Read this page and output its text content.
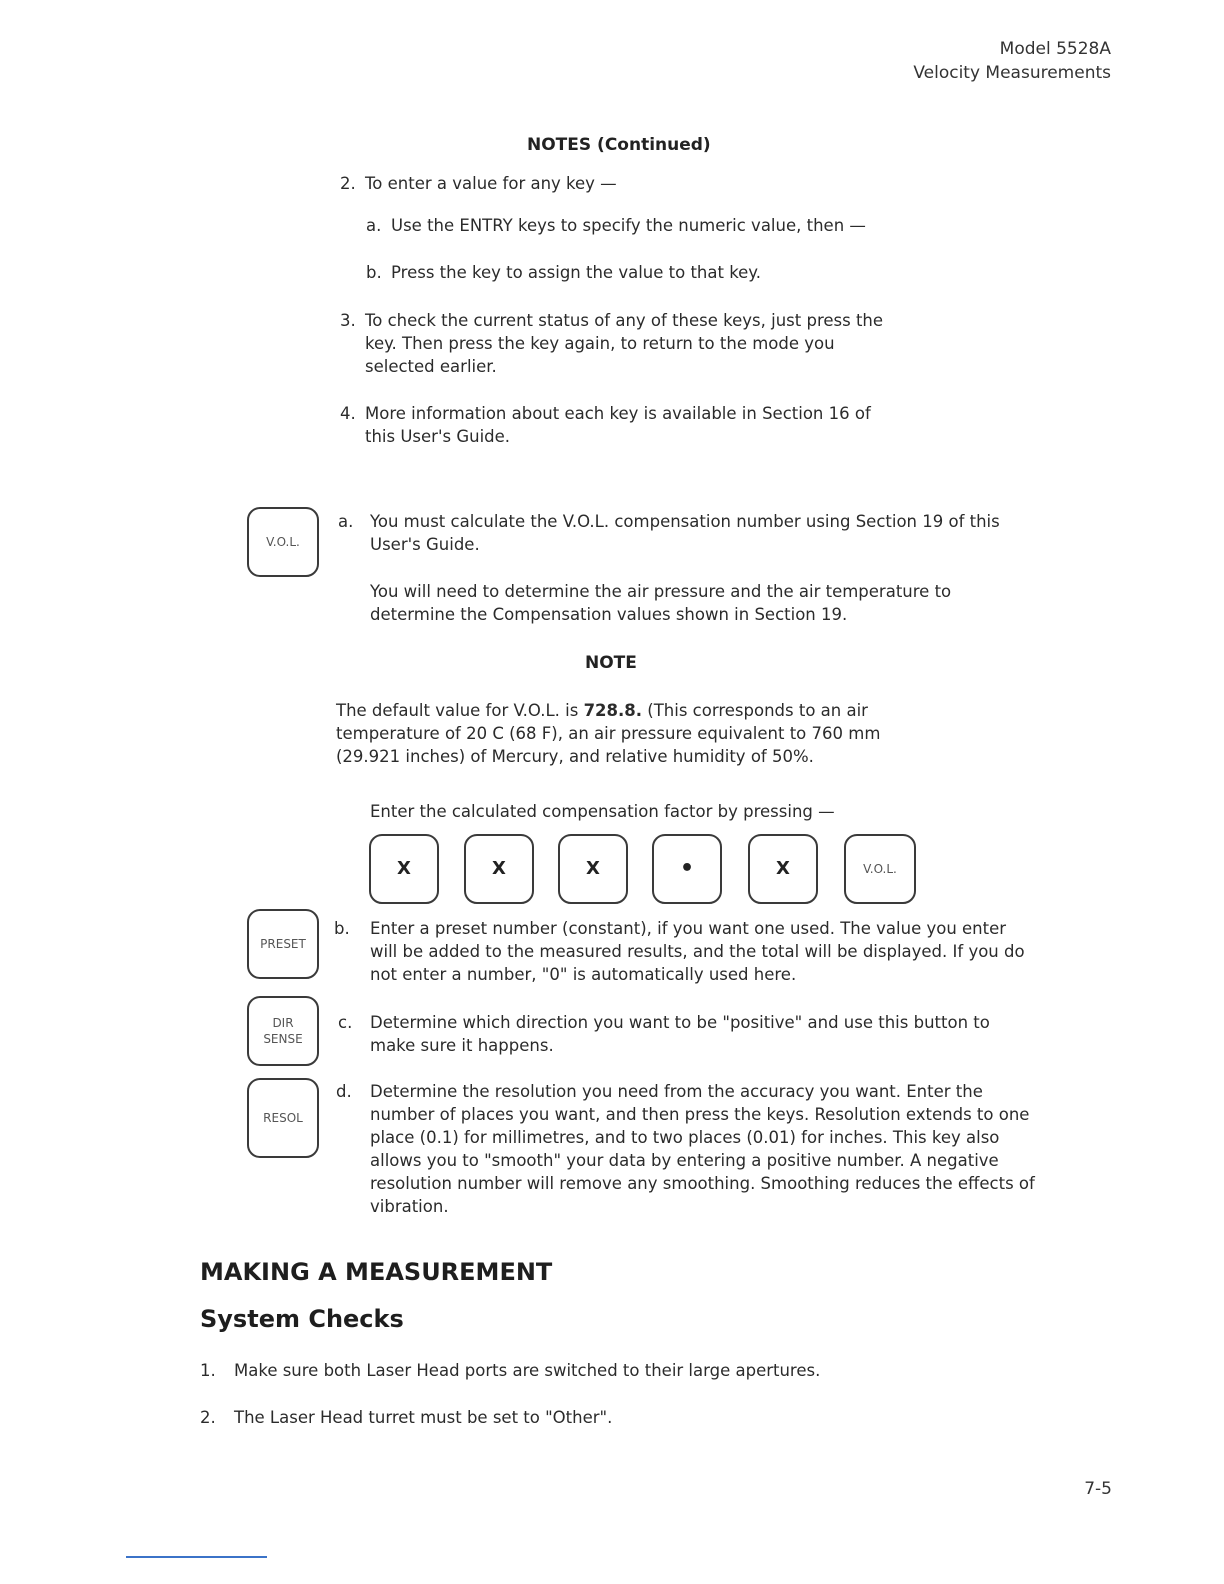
Model 5528A
Velocity Measurements
NOTES (Continued)
2. To enter a value for any key —
a. Use the ENTRY keys to specify the numeric value, then —
b. Press the key to assign the value to that key.
3. To check the current status of any of these keys, just press the key. Then press the key again, to return to the mode you selected earlier.
4. More information about each key is available in Section 16 of this User's Guide.
V.O.L.
a. You must calculate the V.O.L. compensation number using Section 19 of this User's Guide.
You will need to determine the air pressure and the air temperature to determine the Compensation values shown in Section 19.
NOTE
The default value for V.O.L. is 728.8. (This corresponds to an air temperature of 20 C (68 F), an air pressure equivalent to 760 mm (29.921 inches) of Mercury, and relative humidity of 50%.
Enter the calculated compensation factor by pressing —
X	X	X	•	X	V.O.L.
PRESET
b. Enter a preset number (constant), if you want one used. The value you enter will be added to the measured results, and the total will be displayed. If you do not enter a number, "0" is automatically used here.
DIR
SENSE
c. Determine which direction you want to be "positive" and use this button to make sure it happens.
RESOL
d. Determine the resolution you need from the accuracy you want. Enter the number of places you want, and then press the keys. Resolution extends to one place (0.1) for millimetres, and to two places (0.01) for inches. This key also allows you to "smooth" your data by entering a positive number. A negative resolution number will remove any smoothing. Smoothing reduces the effects of vibration.
MAKING A MEASUREMENT
System Checks
1.	Make sure both Laser Head ports are switched to their large apertures.
2.	The Laser Head turret must be set to "Other".
7-5
